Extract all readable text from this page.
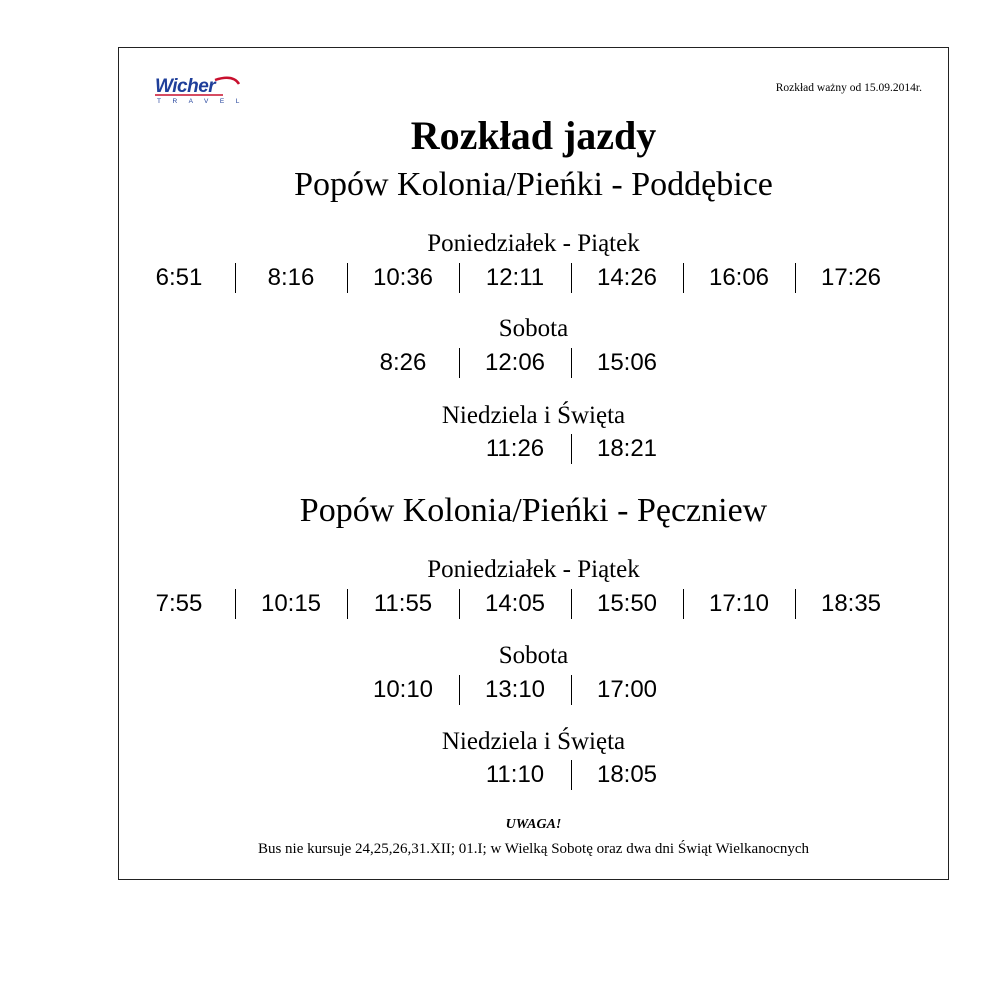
Wicher
TRAVEL
Rozkład ważny od 15.09.2014r.
Rozkład jazdy
Popów Kolonia/Pieńki - Poddębice
Poniedziałek - Piątek
6:51	8:16	10:36	12:11	14:26	16:06	17:26
Sobota
8:26	12:06	15:06
Niedziela i Święta
11:26	18:21
Popów Kolonia/Pieńki - Pęczniew
Poniedziałek - Piątek
7:55	10:15	11:55	14:05	15:50	17:10	18:35
Sobota
10:10	13:10	17:00
Niedziela i Święta
11:10	18:05
UWAGA!
Bus nie kursuje 24,25,26,31.XII; 01.I; w Wielką Sobotę oraz dwa dni Świąt Wielkanocnych
